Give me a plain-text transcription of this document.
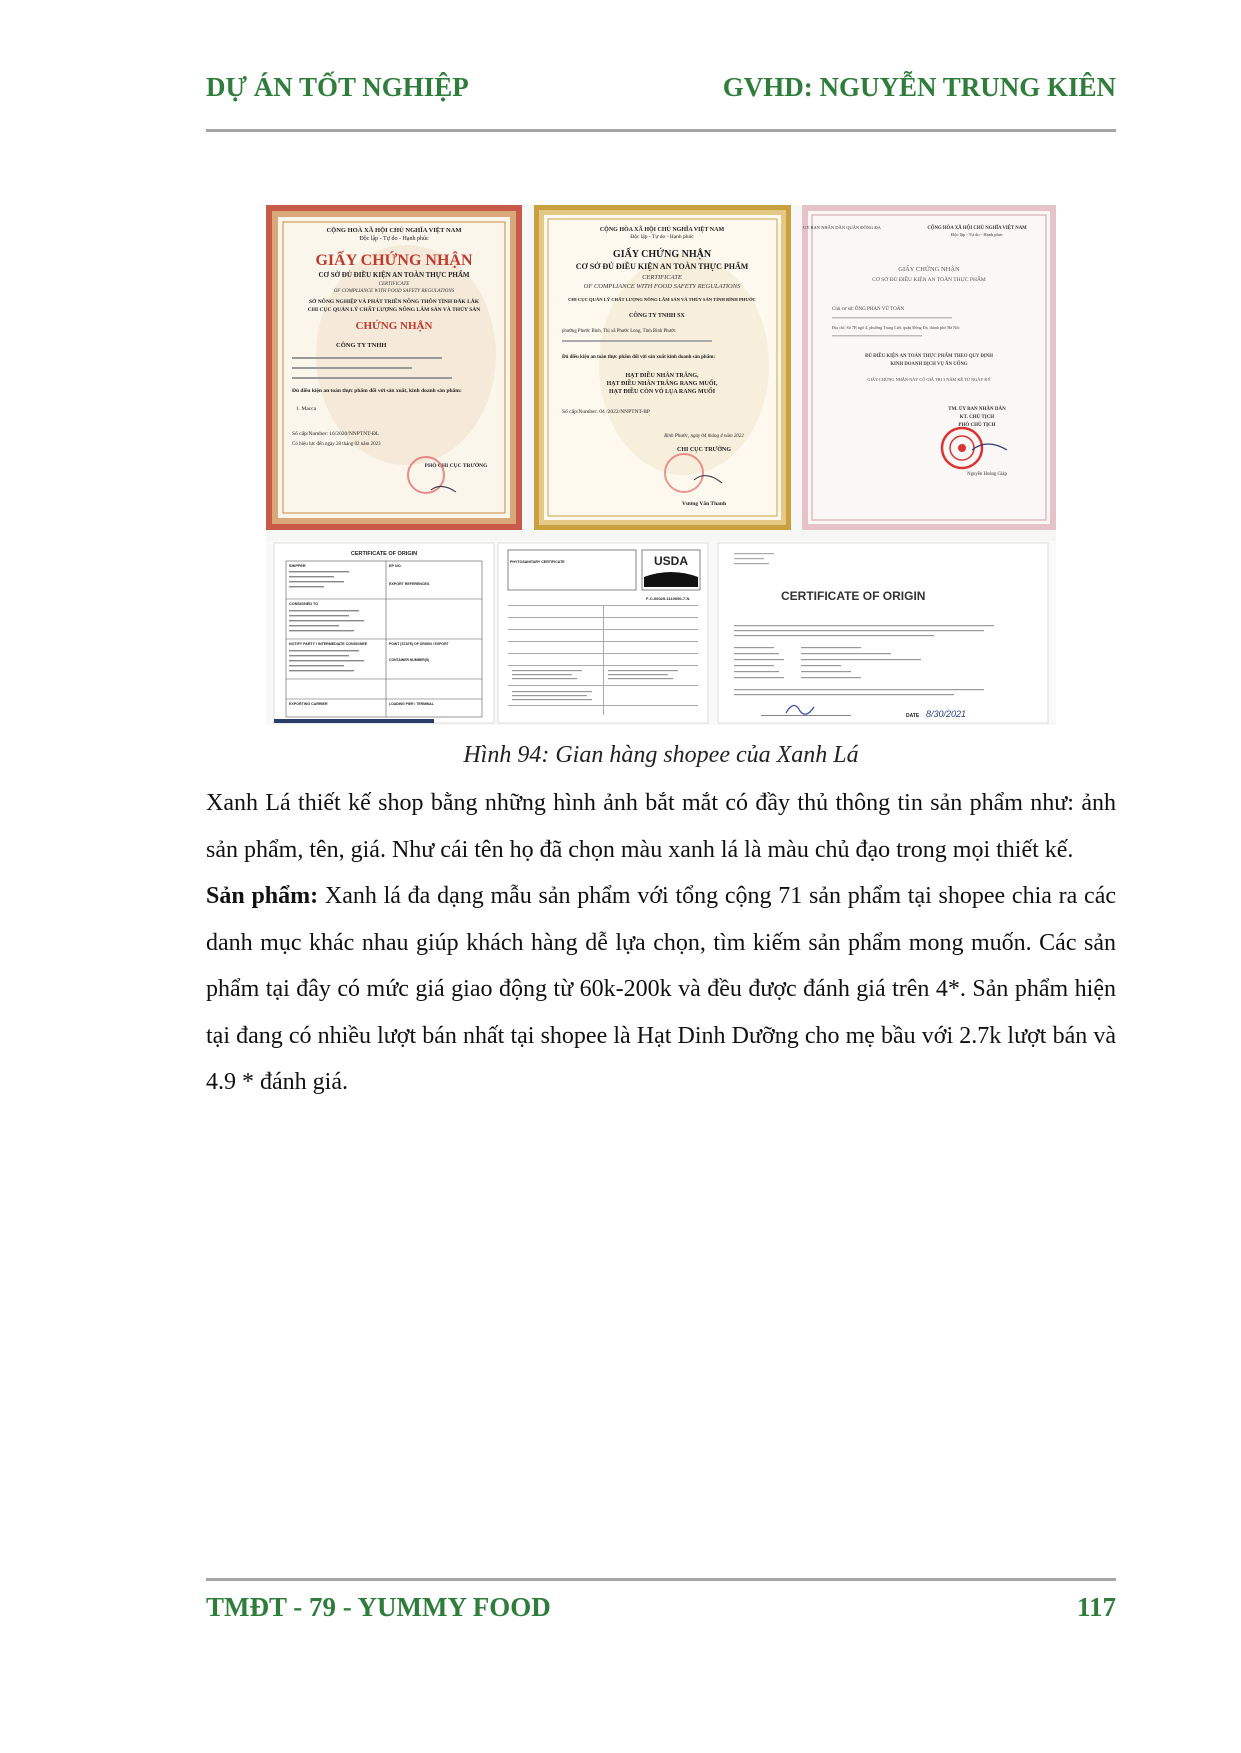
DỰ ÁN TỐT NGHIỆP	GVHD: NGUYỄN TRUNG KIÊN
CỘNG HOÀ XÃ HỘI CHỦ NGHĨA VIỆT NAM
Độc lập - Tự do - Hạnh phúc
GIẤY CHỨNG NHẬN
CƠ SỞ ĐỦ ĐIỀU KIỆN AN TOÀN THỰC PHẨM
CERTIFICATE
OF COMPLIANCE WITH FOOD SAFETY REGULATIONS
SỞ NÔNG NGHIỆP VÀ PHÁT TRIỂN NÔNG THÔN TỈNH ĐẮK LẮK
CHI CỤC QUẢN LÝ CHẤT LƯỢNG NÔNG LÂM SẢN VÀ THỦY SẢN
CHỨNG NHẬN
CÔNG TY TNHH
Đủ điều kiện an toàn thực phẩm đối với sản xuất, kinh doanh sản phẩm:
1. Macca
Số cấp/Number: 16/2020/NNPTNT-ĐL
Có hiệu lực đến ngày 28 tháng 02 năm 2023
PHÓ CHI CỤC TRƯỞNG
CỘNG HÒA XÃ HỘI CHỦ NGHĨA VIỆT NAM
Độc lập - Tự do - Hạnh phúc
GIẤY CHỨNG NHẬN
CƠ SỞ ĐỦ ĐIỀU KIỆN AN TOÀN THỰC PHẨM
CERTIFICATE
OF COMPLIANCE WITH FOOD SAFETY REGULATIONS
CHI CỤC QUẢN LÝ CHẤT LƯỢNG NÔNG LÂM SẢN VÀ THỦY SẢN TỈNH BÌNH PHƯỚC
CÔNG TY TNHH SX
phường Phước Bình, Thị xã Phước Long, Tỉnh Bình Phước
Đủ điều kiện an toàn thực phẩm đối với sản xuất kinh doanh sản phẩm:
HẠT ĐIỀU NHÂN TRẮNG,
HẠT ĐIỀU NHÂN TRẮNG RANG MUỐI,
HẠT ĐIỀU CÒN VỎ LỤA RANG MUỐI
Số cấp/Number: 04 /2022/NNPTNT-BP
Bình Phước, ngày 04 tháng 4 năm 2022
CHI CỤC TRƯỞNG
Vương Văn Thanh
UY BAN NHÂN DÂN QUẬN ĐỐNG ĐA	CỘNG HÒA XÃ HỘI CHỦ NGHĨA VIỆT NAM
Độc lập - Tự do - Hạnh phúc
GIẤY CHỨNG NHẬN
CƠ SỞ ĐỦ ĐIỀU KIỆN AN TOÀN THỰC PHẨM
Chủ cơ sở: ÔNG PHAN VŨ TOÀN
Địa chỉ: Số 7B ngõ 4, phường Trung Liệt, quận Đống Đa, thành phố Hà Nội
ĐỦ ĐIỀU KIỆN AN TOÀN THỰC PHẨM THEO QUY ĐỊNH
KINH DOANH DỊCH VỤ ĂN UỐNG
GIẤY CHỨNG NHẬN NÀY CÓ GIÁ TRỊ 3 NĂM KỂ TỪ NGÀY KÝ
TM. ỦY BAN NHÂN DÂN
KT. CHỦ TỊCH
PHÓ CHỦ TỊCH
Nguyễn Hoàng Giáp
CERTIFICATE OF ORIGIN
SHIPPER
CONSIGNED TO
NOTIFY PARTY / INTERMEDIATE CONSIGNEE
EXPORTING CARRIER
EP NO.
EXPORT REFERENCES
POINT (STATE) OF ORIGIN / EXPORT
CONTAINER NUMBER(S)
LOADING PIER / TERMINAL
PHYTOSANITARY CERTIFICATE	USDA
F-C-06029-1110050-7-N	CERTIFICATE OF ORIGIN
DATE 8/30/2021
Hình 94: Gian hàng shopee của Xanh Lá

Xanh Lá thiết kế shop bằng những hình ảnh bắt mắt có đầy thủ thông tin sản phẩm như: ảnh sản phẩm, tên, giá. Như cái tên họ đã chọn màu xanh lá là màu chủ đạo trong mọi thiết kế.

Sản phẩm: Xanh lá đa dạng mẫu sản phẩm với tổng cộng 71 sản phẩm tại shopee chia ra các danh mục khác nhau giúp khách hàng dễ lựa chọn, tìm kiếm sản phẩm mong muốn. Các sản phẩm tại đây có mức giá giao động từ 60k-200k và đều được đánh giá trên 4*. Sản phẩm hiện tại đang có nhiều lượt bán nhất tại shopee là Hạt Dinh Dưỡng cho mẹ bầu với 2.7k lượt bán và 4.9 * đánh giá.

TMĐT - 79 - YUMMY FOOD	117
